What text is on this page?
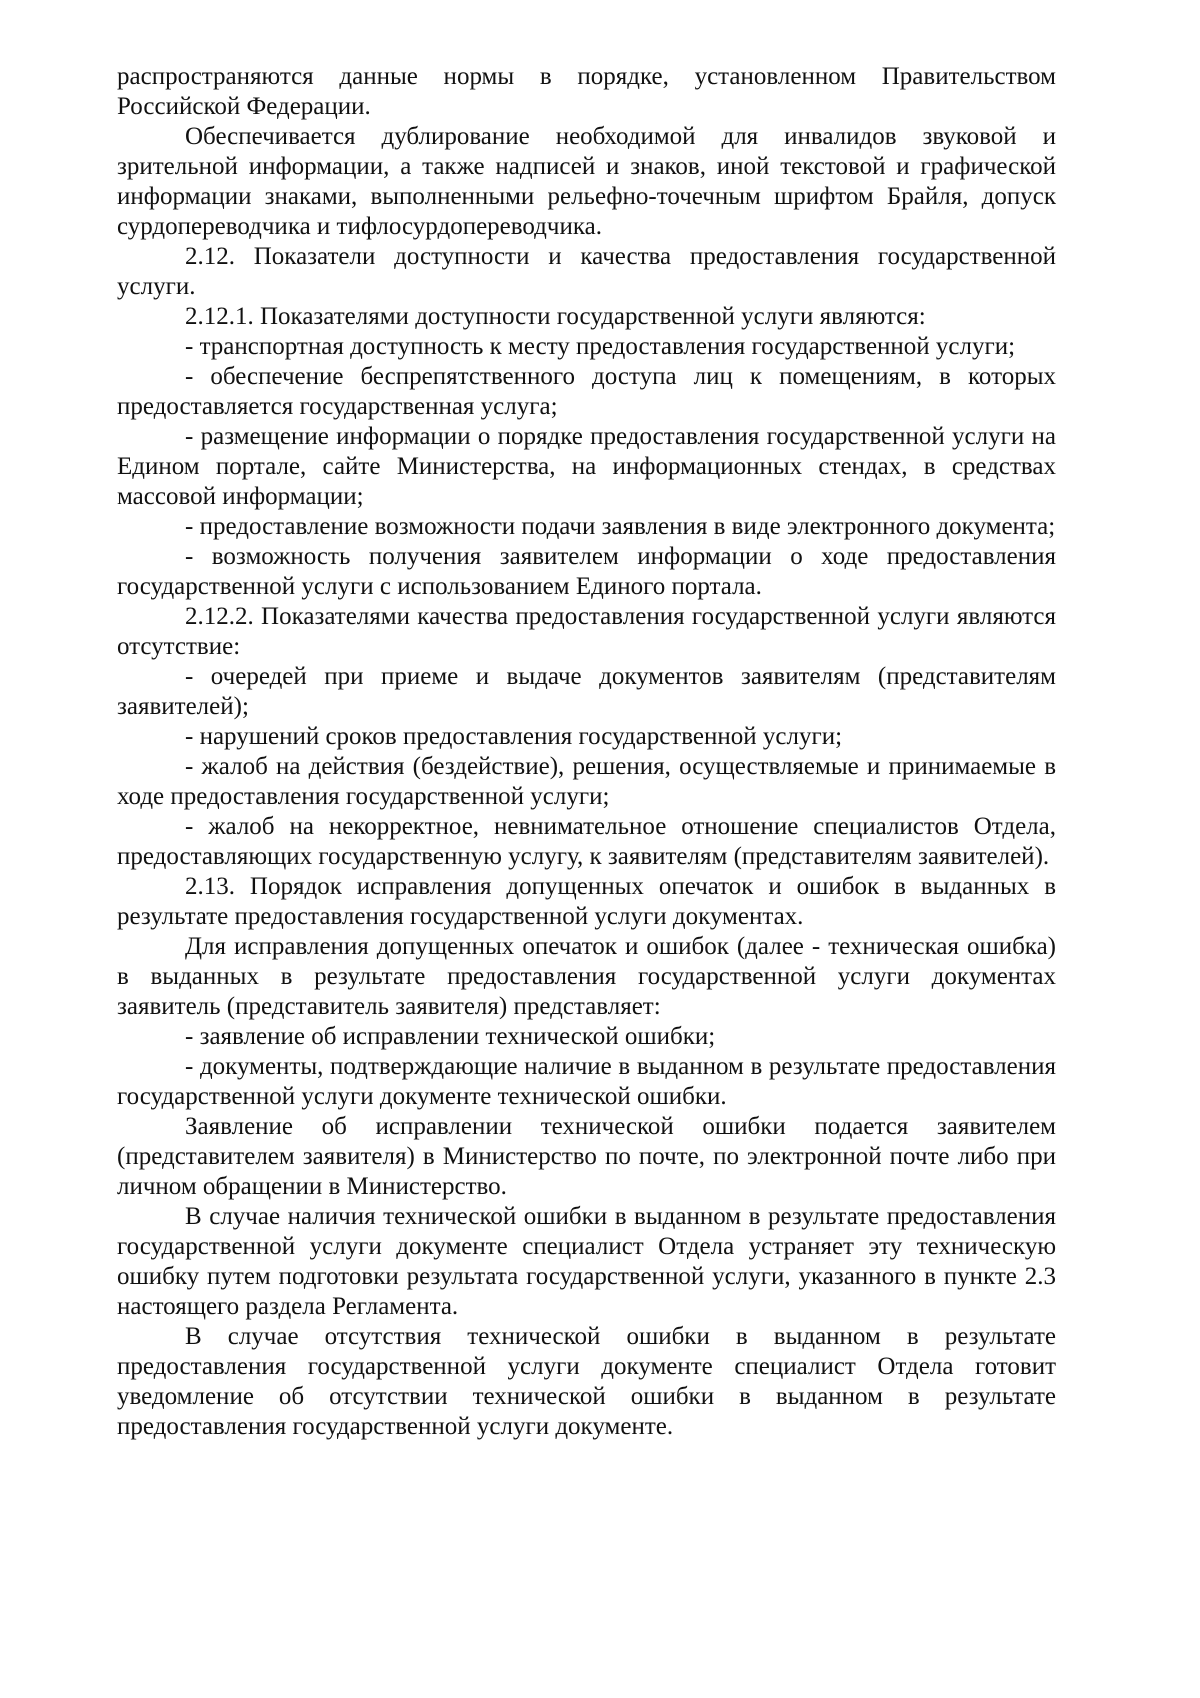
распространяются данные нормы в порядке, установленном Правительством Российской Федерации.

Обеспечивается дублирование необходимой для инвалидов звуковой и зрительной информации, а также надписей и знаков, иной текстовой и графической информации знаками, выполненными рельефно-точечным шрифтом Брайля, допуск сурдопереводчика и тифлосурдопереводчика.

2.12. Показатели доступности и качества предоставления государственной услуги.

2.12.1. Показателями доступности государственной услуги являются:

- транспортная доступность к месту предоставления государственной услуги;

- обеспечение беспрепятственного доступа лиц к помещениям, в которых предоставляется государственная услуга;

- размещение информации о порядке предоставления государственной услуги на Едином портале, сайте Министерства, на информационных стендах, в средствах массовой информации;

- предоставление возможности подачи заявления в виде электронного документа;

- возможность получения заявителем информации о ходе предоставления государственной услуги с использованием Единого портала.

2.12.2. Показателями качества предоставления государственной услуги являются отсутствие:

- очередей при приеме и выдаче документов заявителям (представителям заявителей);

- нарушений сроков предоставления государственной услуги;

- жалоб на действия (бездействие), решения, осуществляемые и принимаемые в ходе предоставления государственной услуги;

- жалоб на некорректное, невнимательное отношение специалистов Отдела, предоставляющих государственную услугу, к заявителям (представителям заявителей).

2.13. Порядок исправления допущенных опечаток и ошибок в выданных в результате предоставления государственной услуги документах.

Для исправления допущенных опечаток и ошибок (далее - техническая ошибка) в выданных в результате предоставления государственной услуги документах заявитель (представитель заявителя) представляет:

- заявление об исправлении технической ошибки;

- документы, подтверждающие наличие в выданном в результате предоставления государственной услуги документе технической ошибки.

Заявление об исправлении технической ошибки подается заявителем (представителем заявителя) в Министерство по почте, по электронной почте либо при личном обращении в Министерство.

В случае наличия технической ошибки в выданном в результате предоставления государственной услуги документе специалист Отдела устраняет эту техническую ошибку путем подготовки результата государственной услуги, указанного в пункте 2.3 настоящего раздела Регламента.

В случае отсутствия технической ошибки в выданном в результате предоставления государственной услуги документе специалист Отдела готовит уведомление об отсутствии технической ошибки в выданном в результате предоставления государственной услуги документе.
